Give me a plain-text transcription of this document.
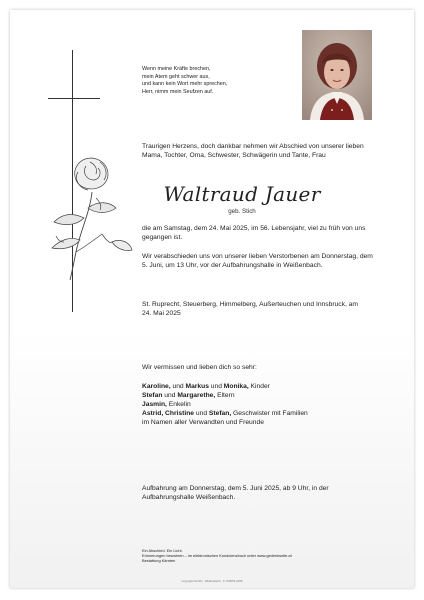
Wenn meine Kräfte brechen,
mein Atem geht schwer aus,
und kann kein Wort mehr sprechen,
Herr, nimm mein Seufzen auf.

Traurigen Herzens, doch dankbar nehmen wir Abschied von unserer lieben Mama, Tochter, Oma, Schwester, Schwägerin und Tante, Frau

Waltraud Jauer
geb. Stich

die am Samstag, dem 24. Mai 2025, im 56. Lebensjahr, viel zu früh von uns gegangen ist.

Wir verabschieden uns von unserer lieben Verstorbenen am Donnerstag, dem 5. Juni, um 13 Uhr, vor der Aufbahrungshalle in Weißenbach.

St. Ruprecht, Steuerberg, Himmelberg, Außerteuchen und Innsbruck, am 24. Mai 2025

Wir vermissen und lieben dich so sehr:

Karoline, und Markus und Monika, Kinder

Stefan und Margarethe, Eltern

Jasmin, Enkelin

Astrid, Christine und Stefan, Geschwister mit Familien

im Namen aller Verwandten und Freunde

Aufbahrung am Donnerstag, dem 5. Juni 2025, ab 9 Uhr, in der Aufbahrungshalle Weißenbach.

Ein Abschied. Ein Licht.
Erinnerungen bewahren – im elektronischen Kondolenzbuch unter www.gedenkseite.at
Bestattung Kärnten
Copyright GmbH · Weißenbach · K. PARTE 2025
